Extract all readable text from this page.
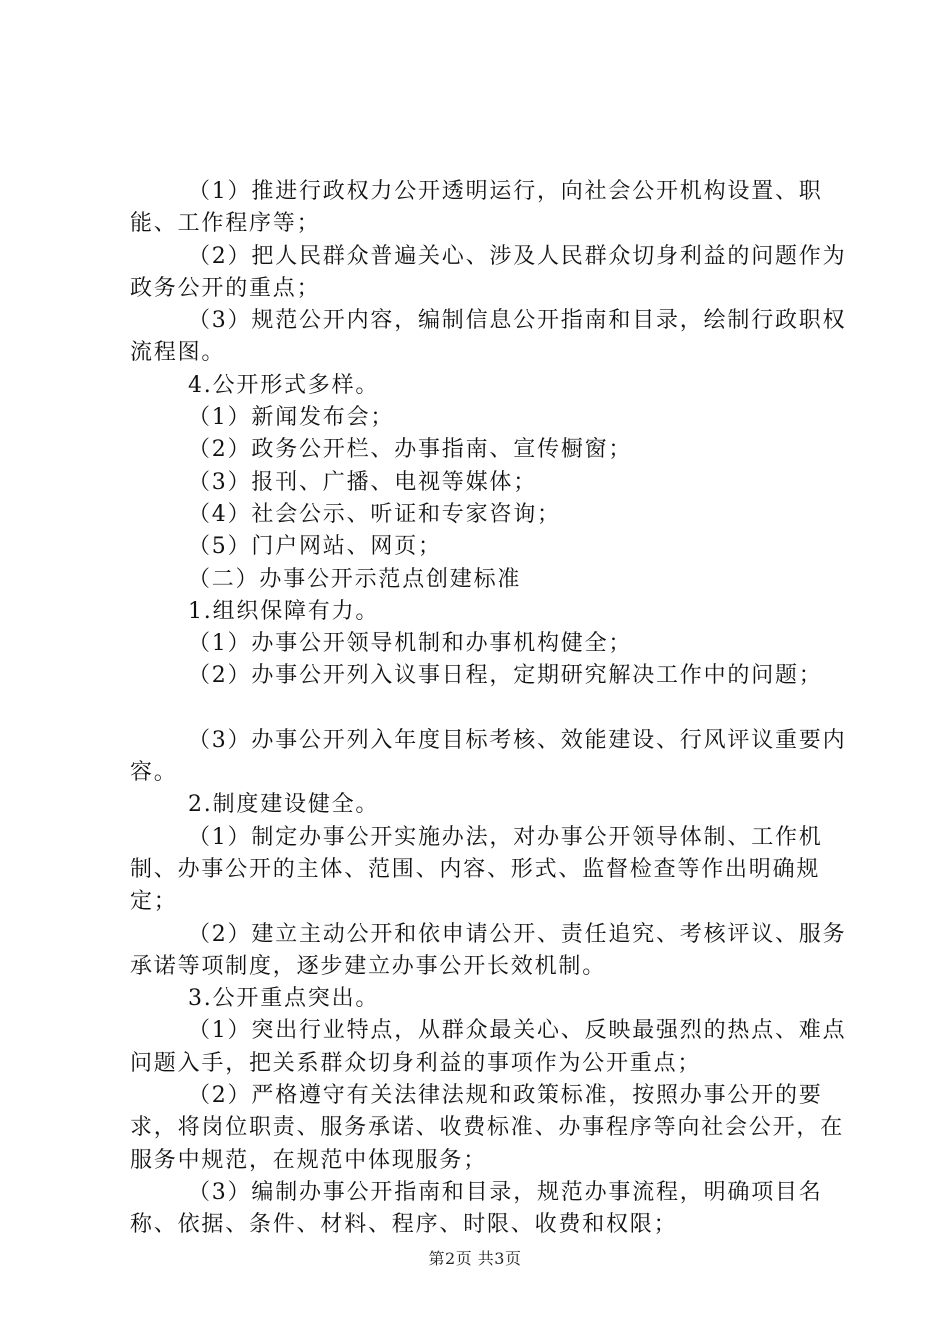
（1）推进行政权力公开透明运行，向社会公开机构设置、职能、工作程序等；

（2）把人民群众普遍关心、涉及人民群众切身利益的问题作为政务公开的重点；

（3）规范公开内容，编制信息公开指南和目录，绘制行政职权流程图。

4.公开形式多样。

（1）新闻发布会；

（2）政务公开栏、办事指南、宣传橱窗；

（3）报刊、广播、电视等媒体；

（4）社会公示、听证和专家咨询；

（5）门户网站、网页；

（二）办事公开示范点创建标准

1.组织保障有力。

（1）办事公开领导机制和办事机构健全；

（2）办事公开列入议事日程，定期研究解决工作中的问题；

（3）办事公开列入年度目标考核、效能建设、行风评议重要内容。

2.制度建设健全。

（1）制定办事公开实施办法，对办事公开领导体制、工作机制、办事公开的主体、范围、内容、形式、监督检查等作出明确规定；

（2）建立主动公开和依申请公开、责任追究、考核评议、服务承诺等项制度，逐步建立办事公开长效机制。

3.公开重点突出。

（1）突出行业特点，从群众最关心、反映最强烈的热点、难点问题入手，把关系群众切身利益的事项作为公开重点；

（2）严格遵守有关法律法规和政策标准，按照办事公开的要求，将岗位职责、服务承诺、收费标准、办事程序等向社会公开，在服务中规范，在规范中体现服务；

（3）编制办事公开指南和目录，规范办事流程，明确项目名称、依据、条件、材料、程序、时限、收费和权限；

第2页 共3页
